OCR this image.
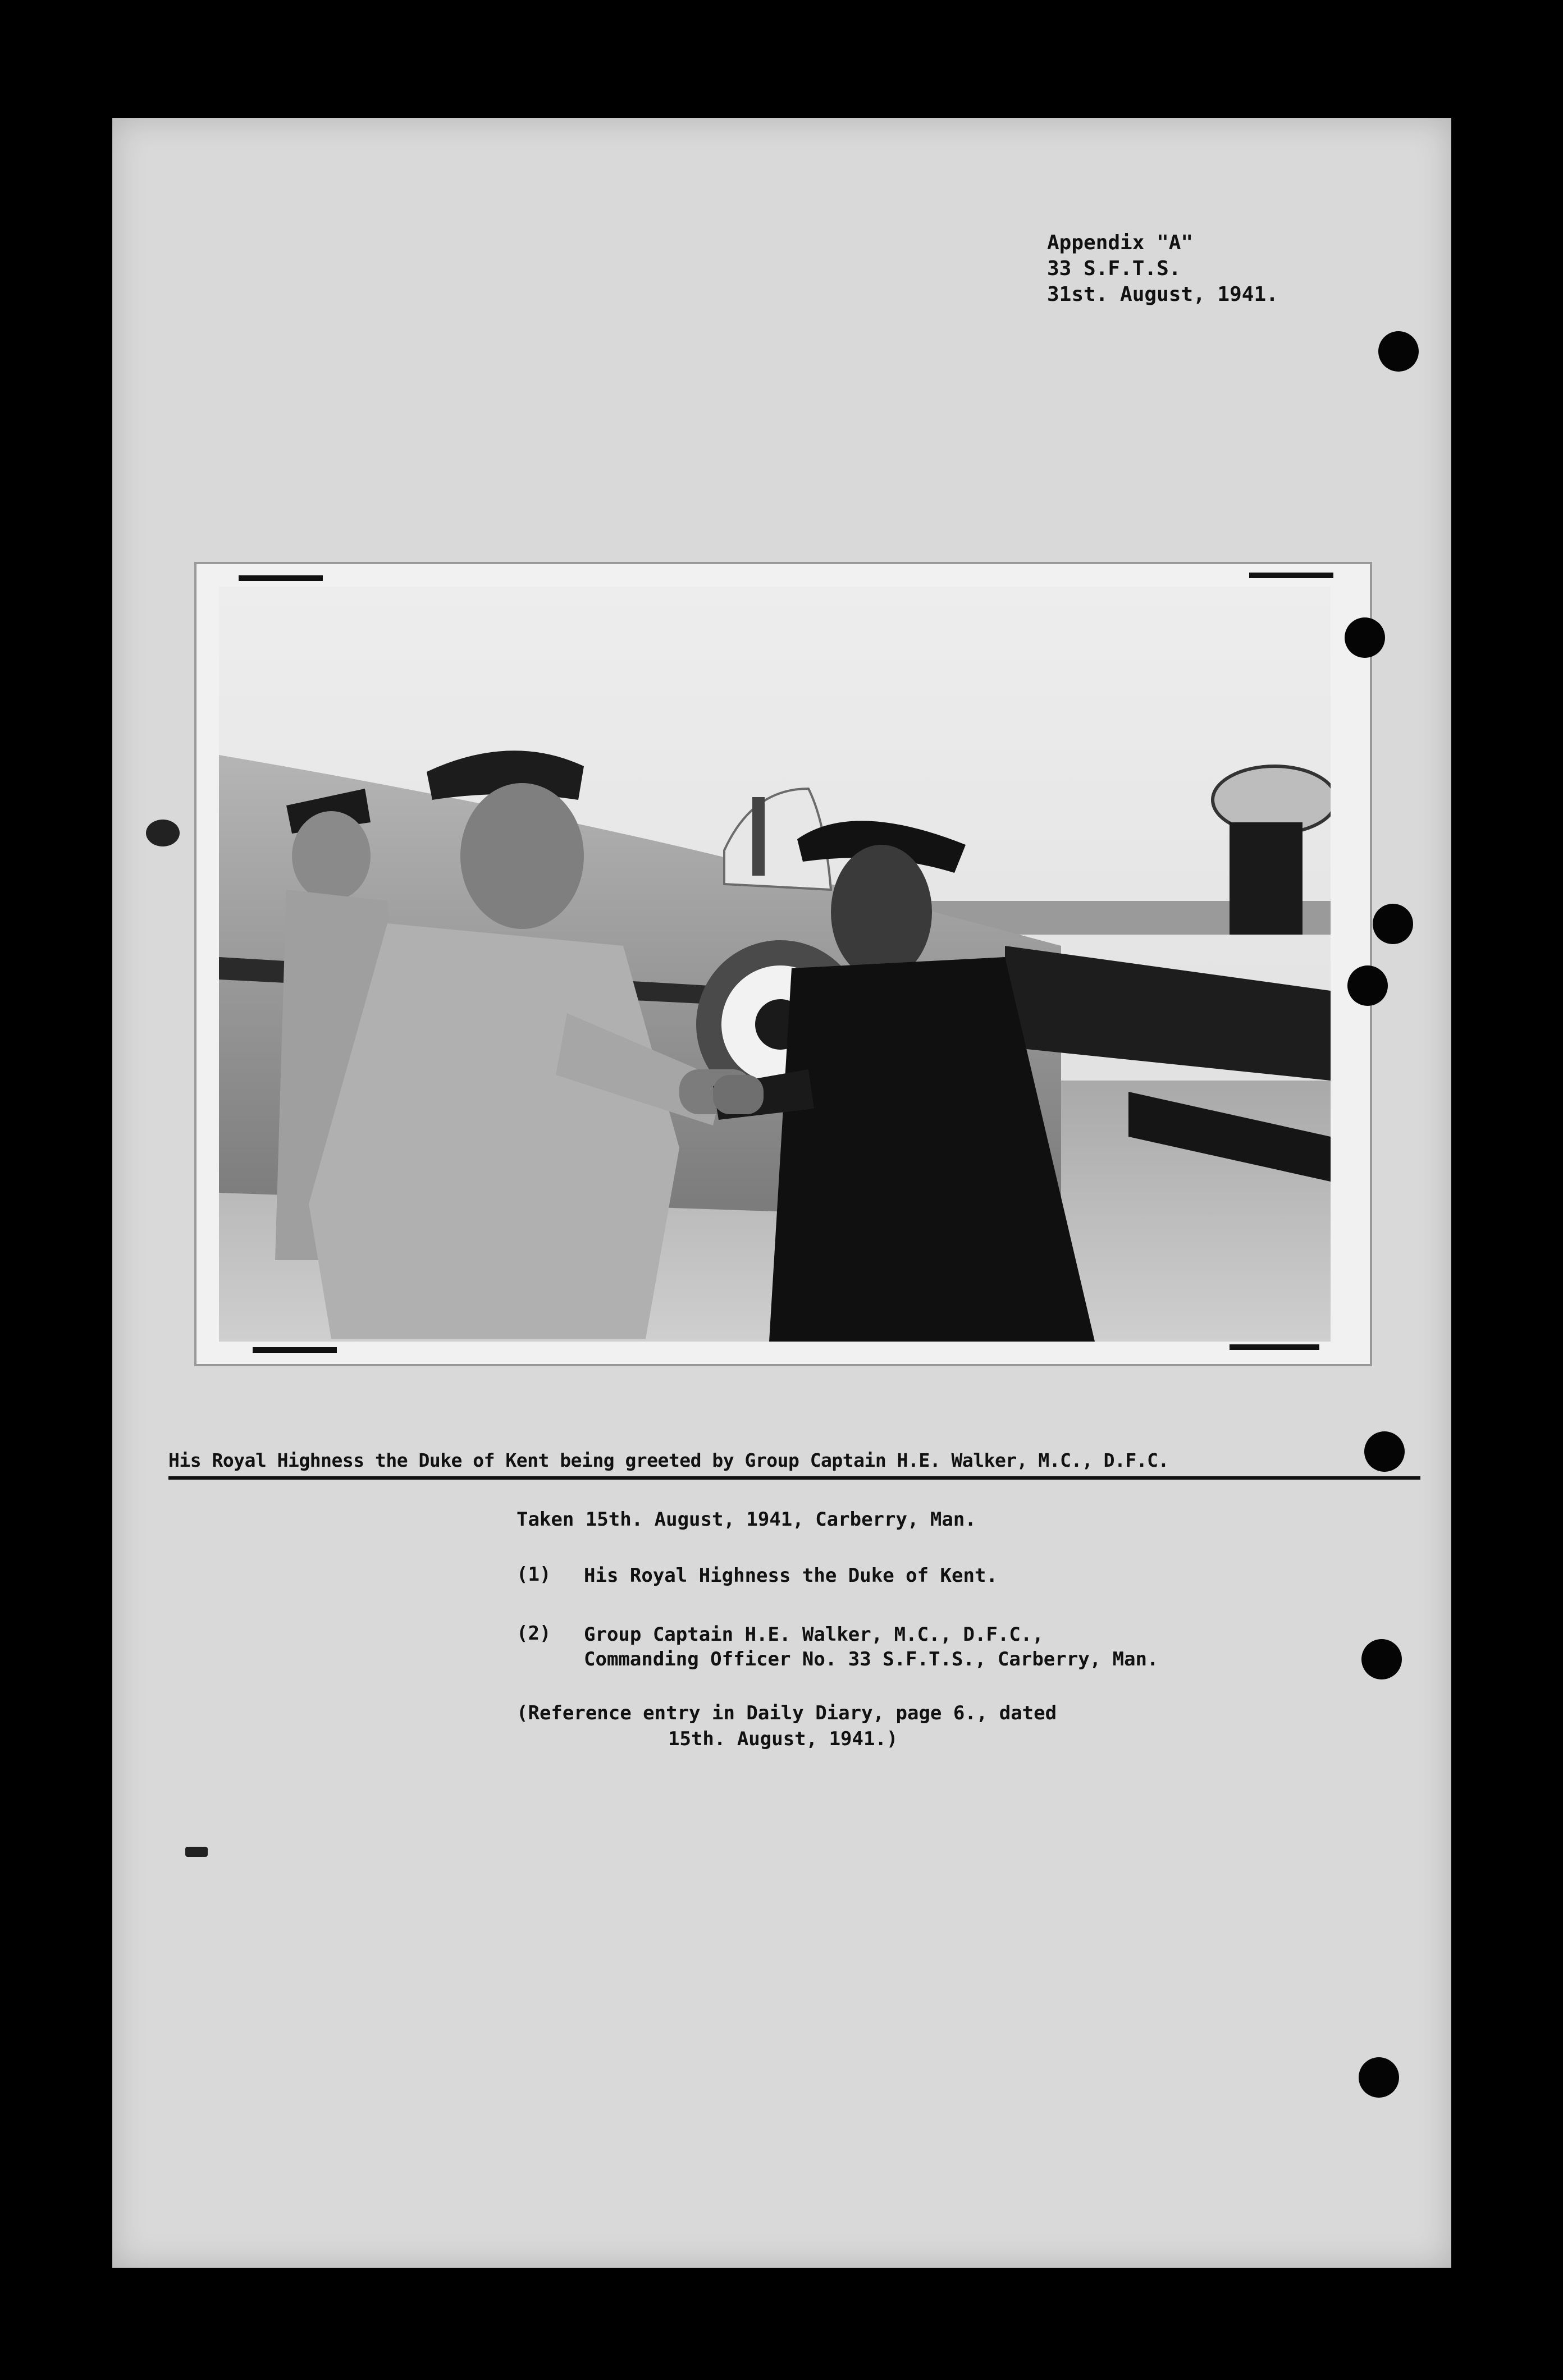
Appendix "A"
33 S.F.T.S.
31st. August, 1941.
His Royal Highness the Duke of Kent being greeted by Group Captain H.E. Walker, M.C., D.F.C.
Taken 15th. August, 1941, Carberry, Man.
(1) His Royal Highness the Duke of Kent.
(2) Group Captain H.E. Walker, M.C., D.F.C.,
Commanding Officer No. 33 S.F.T.S., Carberry, Man.
(Reference entry in Daily Diary, page 6., dated
15th. August, 1941.)
